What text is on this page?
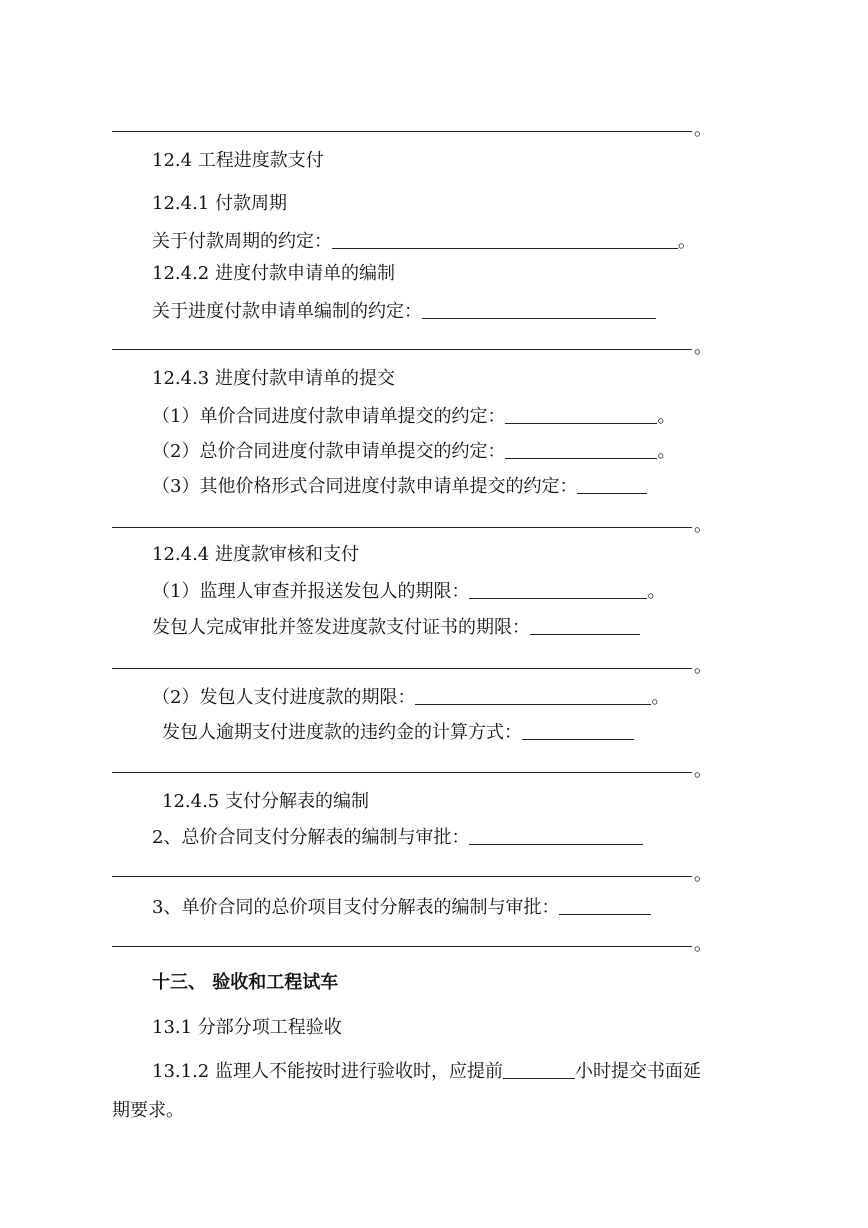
。
12.4 工程进度款支付
12.4.1 付款周期
关于付款周期的约定：	。
12.4.2 进度付款申请单的编制
关于进度付款申请单编制的约定：
。
12.4.3 进度付款申请单的提交
（1）单价合同进度付款申请单提交的约定：	。
（2）总价合同进度付款申请单提交的约定：	。
（3）其他价格形式合同进度付款申请单提交的约定：
。
12.4.4 进度款审核和支付
（1）监理人审查并报送发包人的期限：	。
发包人完成审批并签发进度款支付证书的期限：
。
（2）发包人支付进度款的期限：	。
发包人逾期支付进度款的违约金的计算方式：
。
12.4.5 支付分解表的编制
2、总价合同支付分解表的编制与审批：
。
3、单价合同的总价项目支付分解表的编制与审批：
。
十三、 验收和工程试车
13.1 分部分项工程验收
13.1.2 监理人不能按时进行验收时，应提前	小时提交书面延
期要求。
